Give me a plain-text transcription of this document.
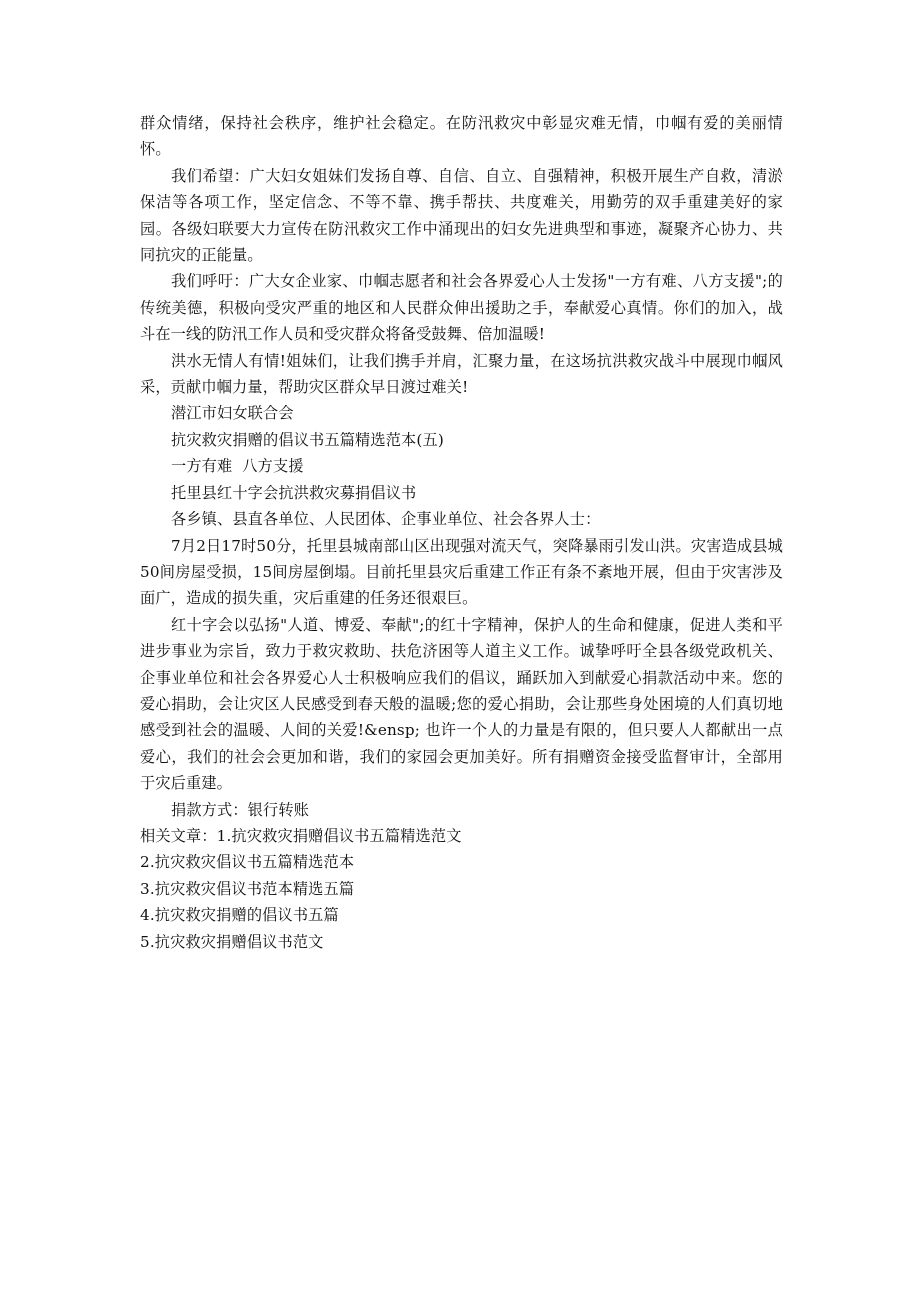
群众情绪，保持社会秩序，维护社会稳定。在防汛救灾中彰显灾难无情，巾帼有爱的美丽情怀。

我们希望：广大妇女姐妹们发扬自尊、自信、自立、自强精神，积极开展生产自救，清淤保洁等各项工作，坚定信念、不等不靠、携手帮扶、共度难关，用勤劳的双手重建美好的家园。各级妇联要大力宣传在防汛救灾工作中涌现出的妇女先进典型和事迹，凝聚齐心协力、共同抗灾的正能量。

我们呼吁：广大女企业家、巾帼志愿者和社会各界爱心人士发扬"一方有难、八方支援";的传统美德，积极向受灾严重的地区和人民群众伸出援助之手，奉献爱心真情。你们的加入，战斗在一线的防汛工作人员和受灾群众将备受鼓舞、倍加温暖!

洪水无情人有情!姐妹们，让我们携手并肩，汇聚力量，在这场抗洪救灾战斗中展现巾帼风采，贡献巾帼力量，帮助灾区群众早日渡过难关!

潜江市妇女联合会

抗灾救灾捐赠的倡议书五篇精选范本(五)

一方有难  八方支援

托里县红十字会抗洪救灾募捐倡议书

各乡镇、县直各单位、人民团体、企事业单位、社会各界人士：

7月2日17时50分，托里县城南部山区出现强对流天气，突降暴雨引发山洪。灾害造成县城50间房屋受损，15间房屋倒塌。目前托里县灾后重建工作正有条不紊地开展，但由于灾害涉及面广，造成的损失重，灾后重建的任务还很艰巨。

红十字会以弘扬"人道、博爱、奉献";的红十字精神，保护人的生命和健康，促进人类和平进步事业为宗旨，致力于救灾救助、扶危济困等人道主义工作。诚挚呼吁全县各级党政机关、企事业单位和社会各界爱心人士积极响应我们的倡议，踊跃加入到献爱心捐款活动中来。您的爱心捐助，会让灾区人民感受到春天般的温暖;您的爱心捐助，会让那些身处困境的人们真切地感受到社会的温暖、人间的关爱!&ensp; 也许一个人的力量是有限的，但只要人人都献出一点爱心，我们的社会会更加和谐，我们的家园会更加美好。所有捐赠资金接受监督审计，全部用于灾后重建。

捐款方式：银行转账

相关文章：1.抗灾救灾捐赠倡议书五篇精选范文

2.抗灾救灾倡议书五篇精选范本

3.抗灾救灾倡议书范本精选五篇

4.抗灾救灾捐赠的倡议书五篇

5.抗灾救灾捐赠倡议书范文
